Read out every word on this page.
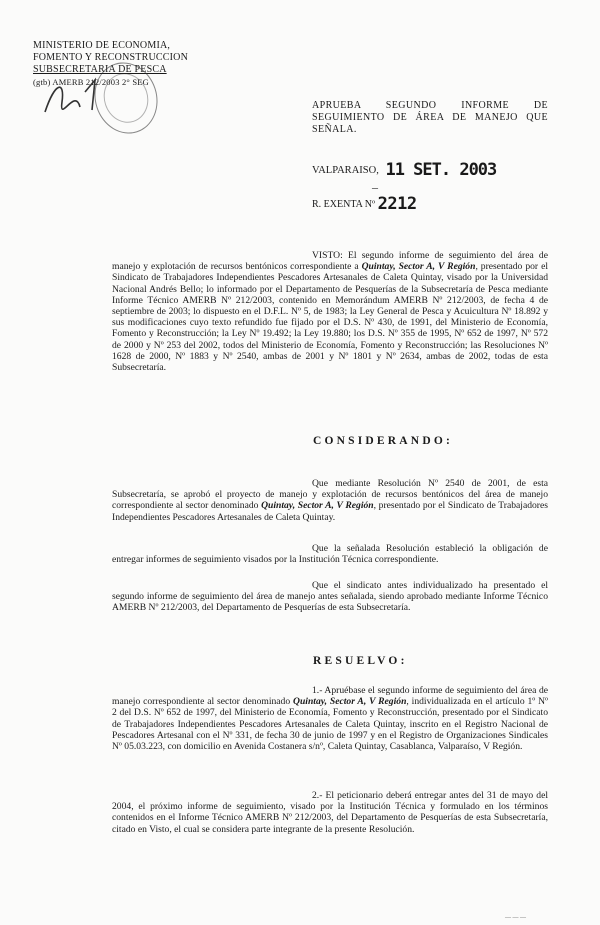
MINISTERIO DE ECONOMIA,
FOMENTO Y RECONSTRUCCION
SUBSECRETARIA DE PESCA
(gtb) AMERB 212/2003 2° SEG
APRUEBA SEGUNDO INFORME DE SEGUIMIENTO DE ÁREA DE MANEJO QUE SEÑALA.
VALPARAISO, 11 SET. 2003
–
R. EXENTA Nº 2212
VISTO: El segundo informe de seguimiento del área de manejo y explotación de recursos bentónicos correspondiente a Quintay, Sector A, V Región, presentado por el Sindicato de Trabajadores Independientes Pescadores Artesanales de Caleta Quintay, visado por la Universidad Nacional Andrés Bello; lo informado por el Departamento de Pesquerías de la Subsecretaría de Pesca mediante Informe Técnico AMERB Nº 212/2003, contenido en Memorándum AMERB Nº 212/2003, de fecha 4 de septiembre de 2003; lo dispuesto en el D.F.L. Nº 5, de 1983; la Ley General de Pesca y Acuicultura Nº 18.892 y sus modificaciones cuyo texto refundido fue fijado por el D.S. Nº 430, de 1991, del Ministerio de Economía, Fomento y Reconstrucción; la Ley Nº 19.492; la Ley 19.880; los D.S. Nº 355 de 1995, Nº 652 de 1997, Nº 572 de 2000 y Nº 253 del 2002, todos del Ministerio de Economía, Fomento y Reconstrucción; las Resoluciones Nº 1628 de 2000, Nº 1883 y Nº 2540, ambas de 2001 y Nº 1801 y Nº 2634, ambas de 2002, todas de esta Subsecretaría.
CONSIDERANDO:
Que mediante Resolución Nº 2540 de 2001, de esta Subsecretaría, se aprobó el proyecto de manejo y explotación de recursos bentónicos del área de manejo correspondiente al sector denominado Quintay, Sector A, V Región, presentado por el Sindicato de Trabajadores Independientes Pescadores Artesanales de Caleta Quintay.
Que la señalada Resolución estableció la obligación de entregar informes de seguimiento visados por la Institución Técnica correspondiente.
Que el sindicato antes individualizado ha presentado el segundo informe de seguimiento del área de manejo antes señalada, siendo aprobado mediante Informe Técnico AMERB Nº 212/2003, del Departamento de Pesquerías de esta Subsecretaría.
RESUELVO:
1.- Apruébase el segundo informe de seguimiento del área de manejo correspondiente al sector denominado Quintay, Sector A, V Región, individualizada en el artículo 1º Nº 2 del D.S. Nº 652 de 1997, del Ministerio de Economía, Fomento y Reconstrucción, presentado por el Sindicato de Trabajadores Independientes Pescadores Artesanales de Caleta Quintay, inscrito en el Registro Nacional de Pescadores Artesanal con el Nº 331, de fecha 30 de junio de 1997 y en el Registro de Organizaciones Sindicales Nº 05.03.223, con domicilio en Avenida Costanera s/nº, Caleta Quintay, Casablanca, Valparaíso, V Región.
2.- El peticionario deberá entregar antes del 31 de mayo del 2004, el próximo informe de seguimiento, visado por la Institución Técnica y formulado en los términos contenidos en el Informe Técnico AMERB Nº 212/2003, del Departamento de Pesquerías de esta Subsecretaría, citado en Visto, el cual se considera parte integrante de la presente Resolución.
— — —
